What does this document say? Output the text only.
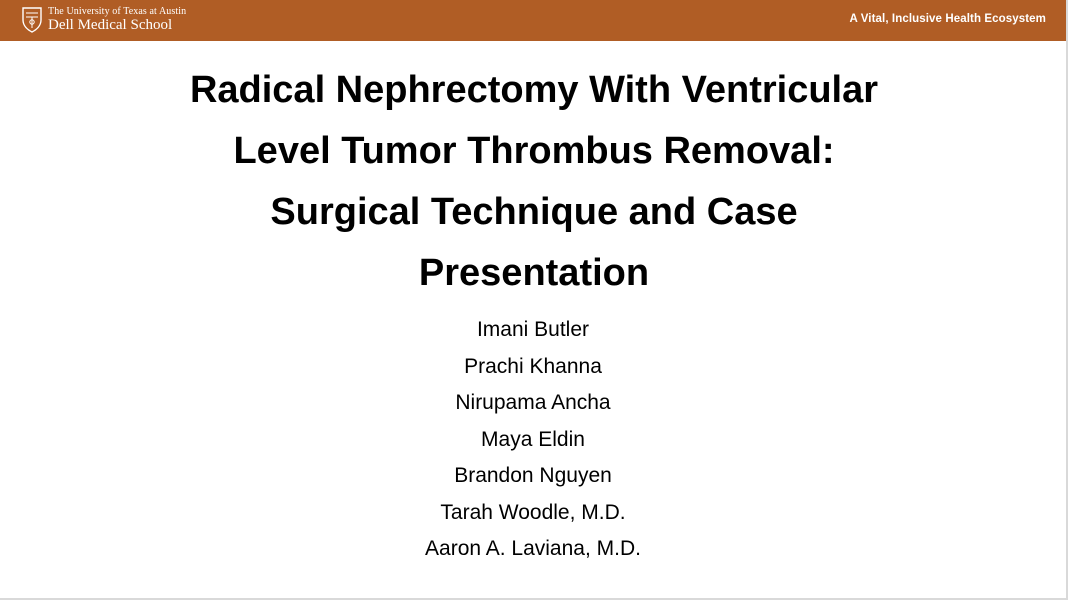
The University of Texas at Austin
Dell Medical School	A Vital, Inclusive Health Ecosystem
Radical Nephrectomy With Ventricular
Level Tumor Thrombus Removal:
Surgical Technique and Case
Presentation
Imani Butler
Prachi Khanna
Nirupama Ancha
Maya Eldin
Brandon Nguyen
Tarah Woodle, M.D.
Aaron A. Laviana, M.D.
